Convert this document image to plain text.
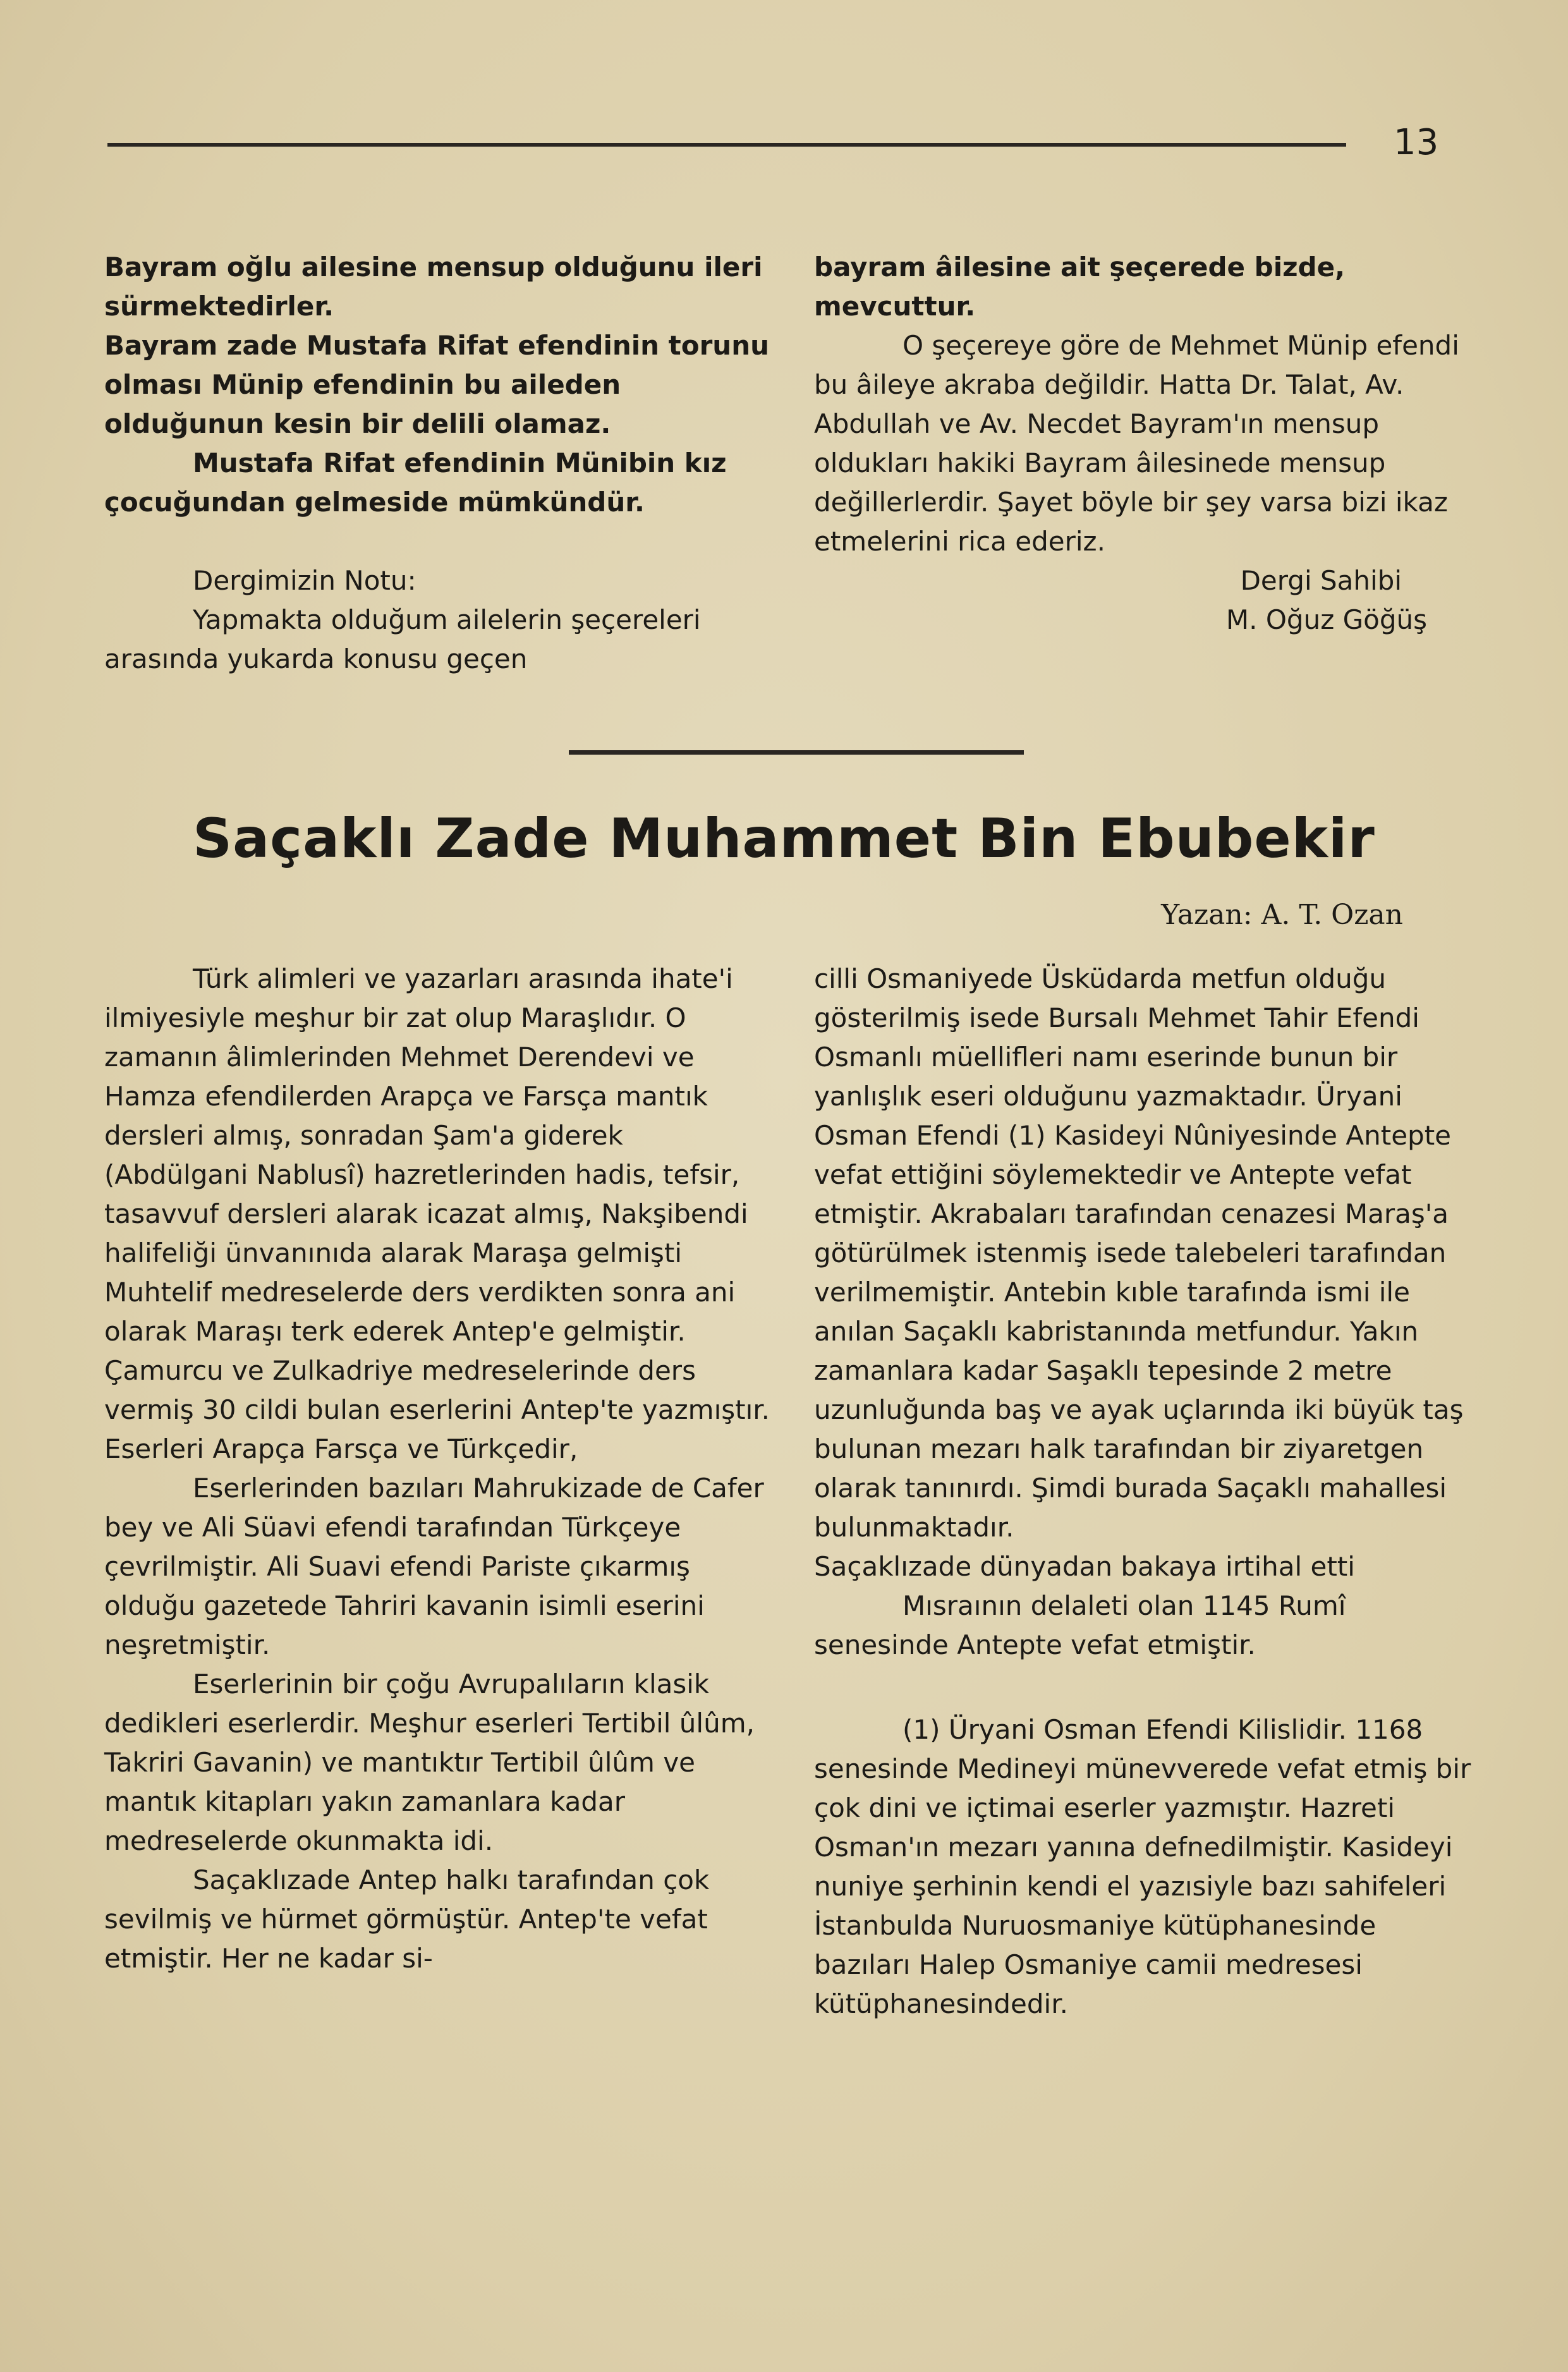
13

Bayram oğlu ailesine mensup olduğunu ileri sürmektedirler.

Bayram zade Mustafa Rifat efendinin torunu olması Münip efendinin bu aileden olduğunun kesin bir delili olamaz.

Mustafa Rifat efendinin Münibin kız çocuğundan gelmeside mümkündür.

Dergimizin Notu:

Yapmakta olduğum ailelerin şeçereleri arasında yukarda konusu geçen

bayram âilesine ait şeçerede bizde, mevcuttur.

O şeçereye göre de Mehmet Münip efendi bu âileye akraba değildir. Hatta Dr. Talat, Av. Abdullah ve Av. Necdet Bayram'ın mensup oldukları hakiki Bayram âilesinede mensup değillerlerdir. Şayet böyle bir şey varsa bizi ikaz etmelerini rica ederiz.

Dergi Sahibi

M. Oğuz Göğüş

Saçaklı Zade Muhammet Bin Ebubekir
Yazan: A. T. Ozan

Türk alimleri ve yazarları arasında ihate'i ilmiyesiyle meşhur bir zat olup Maraşlıdır. O zamanın âlimlerinden Mehmet Derendevi ve Hamza efendilerden Arapça ve Farsça mantık dersleri almış, sonradan Şam'a giderek (Abdülgani Nablusî) hazretlerinden hadis, tefsir, tasavvuf dersleri alarak icazat almış, Nakşibendi halifeliği ünvanınıda alarak Maraşa gelmişti Muhtelif medreselerde ders verdikten sonra ani olarak Maraşı terk ederek Antep'e gelmiştir. Çamurcu ve Zulkadriye medreselerinde ders vermiş 30 cildi bulan eserlerini Antep'te yazmıştır. Eserleri Arapça Farsça ve Türkçedir,

Eserlerinden bazıları Mahrukizade de Cafer bey ve Ali Süavi efendi tarafından Türkçeye çevrilmiştir. Ali Suavi efendi Pariste çıkarmış olduğu gazetede Tahriri kavanin isimli eserini neşretmiştir.

Eserlerinin bir çoğu Avrupalıların klasik dedikleri eserlerdir. Meşhur eserleri Tertibil ûlûm, Takriri Gavanin) ve mantıktır Tertibil ûlûm ve mantık kitapları yakın zamanlara kadar medreselerde okunmakta idi.

Saçaklızade Antep halkı tarafından çok sevilmiş ve hürmet görmüştür. Antep'te vefat etmiştir. Her ne kadar si-

cilli Osmaniyede Üsküdarda metfun olduğu gösterilmiş isede Bursalı Mehmet Tahir Efendi Osmanlı müellifleri namı eserinde bunun bir yanlışlık eseri olduğunu yazmaktadır. Üryani Osman Efendi (1) Kasideyi Nûniyesinde Antepte vefat ettiğini söylemektedir ve Antepte vefat etmiştir. Akrabaları tarafından cenazesi Maraş'a götürülmek istenmiş isede talebeleri tarafından verilmemiştir. Antebin kıble tarafında ismi ile anılan Saçaklı kabristanında metfundur. Yakın zamanlara kadar Saşaklı tepesinde 2 metre uzunluğunda baş ve ayak uçlarında iki büyük taş bulunan mezarı halk tarafından bir ziyaretgen olarak tanınırdı. Şimdi burada Saçaklı mahallesi bulunmaktadır.

Saçaklızade dünyadan bakaya irtihal etti

Mısraının delaleti olan 1145 Rumî senesinde Antepte vefat etmiştir.

(1) Üryani Osman Efendi Kilislidir. 1168 senesinde Medineyi münevverede vefat etmiş bir çok dini ve içtimai eserler yazmıştır. Hazreti Osman'ın mezarı yanına defnedilmiştir. Kasideyi nuniye şerhinin kendi el yazısiyle bazı sahifeleri İstanbulda Nuruosmaniye kütüphanesinde bazıları Halep Osmaniye camii medresesi kütüphanesindedir.
